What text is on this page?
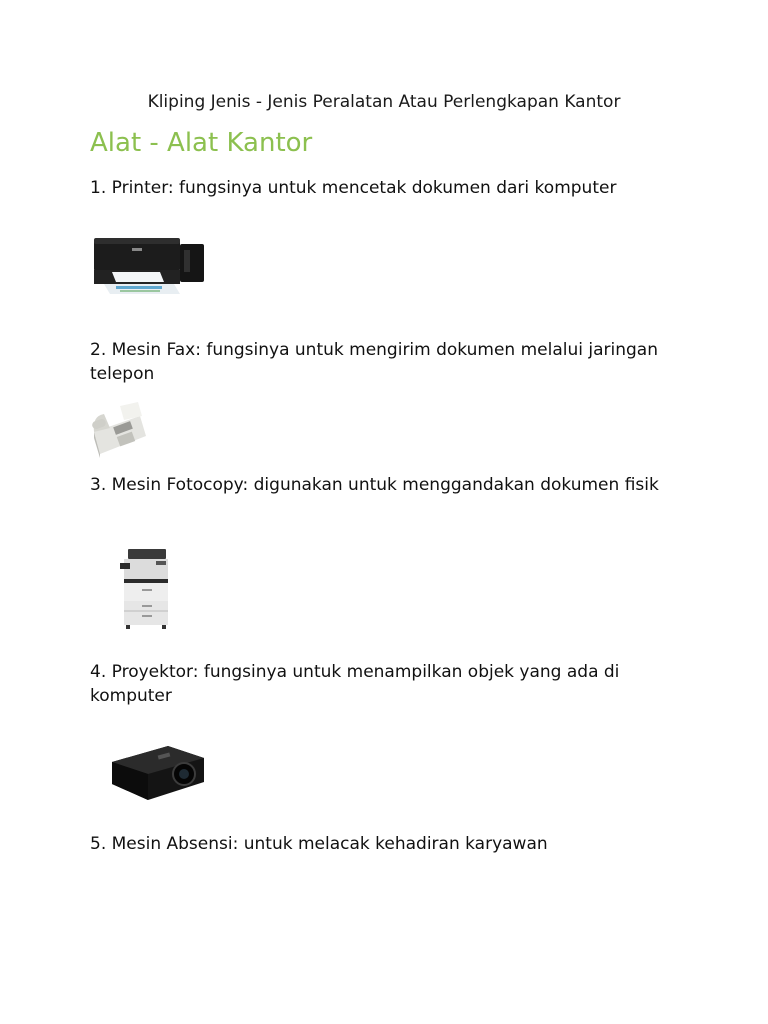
Kliping Jenis - Jenis Peralatan Atau Perlengkapan Kantor
Alat - Alat Kantor
1. Printer: fungsinya untuk mencetak dokumen dari komputer
2. Mesin Fax: fungsinya untuk mengirim dokumen melalui jaringan telepon
3. Mesin Fotocopy: digunakan untuk menggandakan dokumen fisik
4. Proyektor: fungsinya untuk menampilkan objek yang ada di komputer
5. Mesin Absensi: untuk melacak kehadiran karyawan
